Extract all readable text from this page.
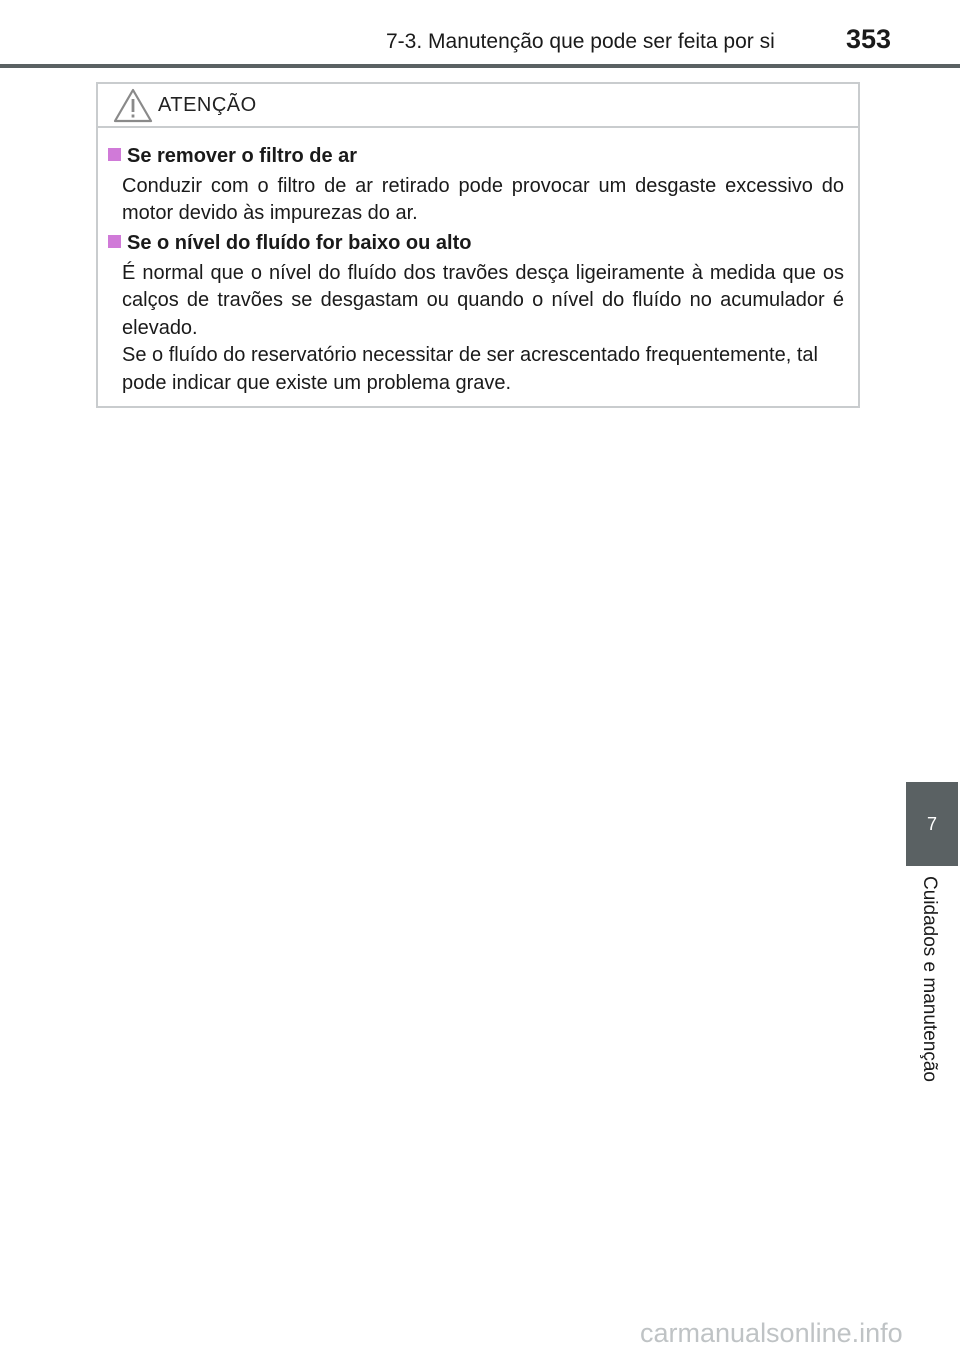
7-3. Manutenção que pode ser feita por si	353
ATENÇÃO
Se remover o filtro de ar

Conduzir com o filtro de ar retirado pode provocar um desgaste excessivo do motor devido às impurezas do ar.

Se o nível do fluído for baixo ou alto

É normal que o nível do fluído dos travões desça ligeiramente à medida que os calços de travões se desgastam ou quando o nível do fluído no acumulador é elevado.

Se o fluído do reservatório necessitar de ser acrescentado frequentemente, tal pode indicar que existe um problema grave.

7
Cuidados e manutenção
carmanualsonline.info
